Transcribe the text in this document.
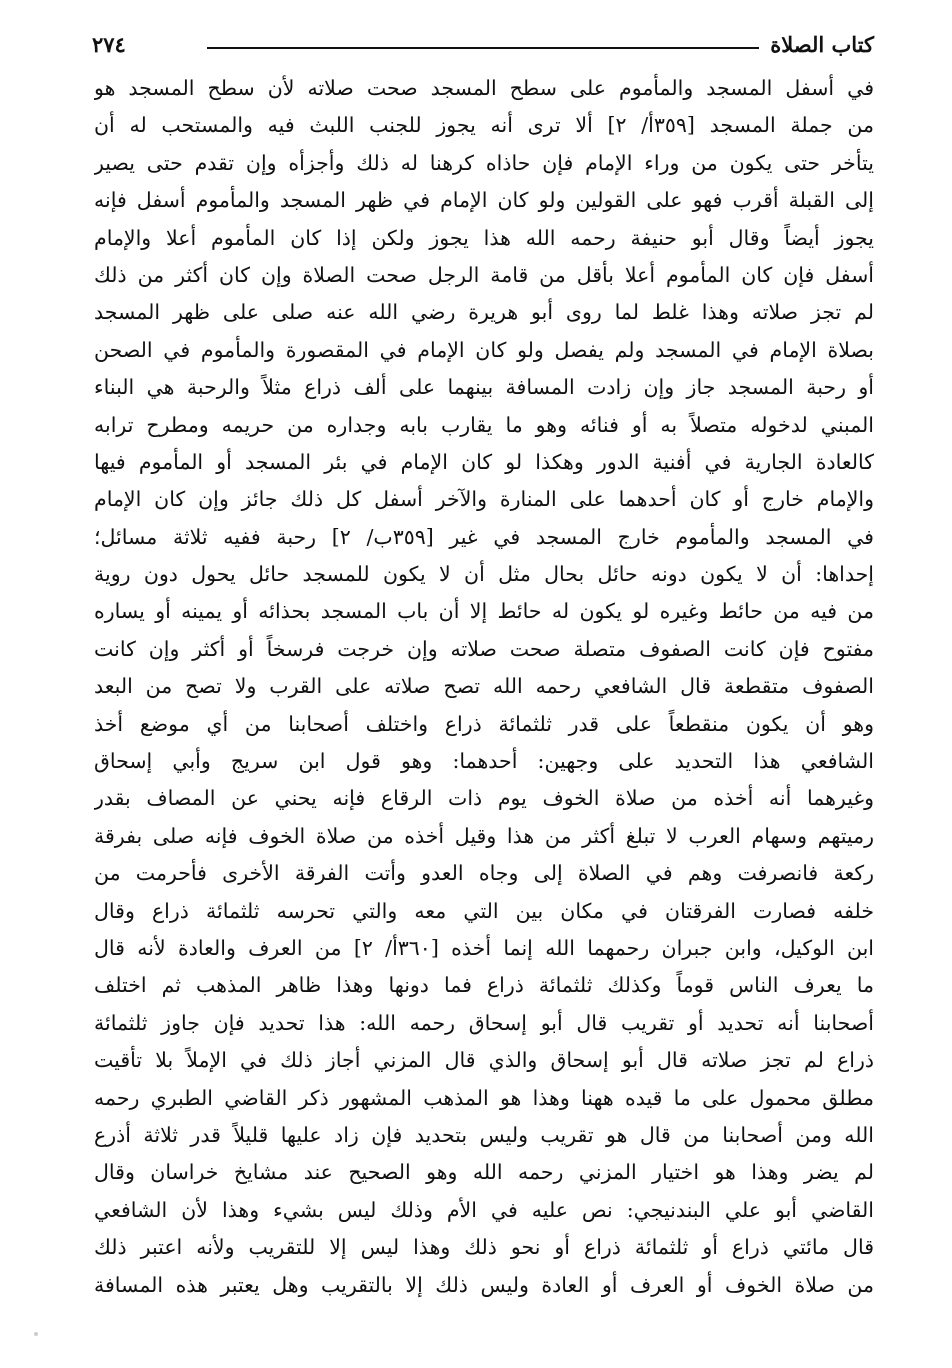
كتاب الصلاة
٢٧٤
في أسفل المسجد والمأموم على سطح المسجد صحت صلاته لأن سطح المسجد هو
من جملة المسجد [٣٥٩أ/ ٢] ألا ترى أنه يجوز للجنب اللبث فيه والمستحب له أن
يتأخر حتى يكون من وراء الإمام فإن حاذاه كرهنا له ذلك وأجزأه وإن تقدم حتى يصير
إلى القبلة أقرب فهو على القولين ولو كان الإمام في ظهر المسجد والمأموم أسفل فإنه
يجوز أيضاً وقال أبو حنيفة رحمه الله هذا يجوز ولكن إذا كان المأموم أعلا والإمام
أسفل فإن كان المأموم أعلا بأقل من قامة الرجل صحت الصلاة وإن كان أكثر من ذلك
لم تجز صلاته وهذا غلط لما روى أبو هريرة رضي الله عنه صلى على ظهر المسجد
بصلاة الإمام في المسجد ولم يفصل ولو كان الإمام في المقصورة والمأموم في الصحن
أو رحبة المسجد جاز وإن زادت المسافة بينهما على ألف ذراع مثلاً والرحبة هي البناء
المبني لدخوله متصلاً به أو فنائه وهو ما يقارب بابه وجداره من حريمه ومطرح ترابه
كالعادة الجارية في أفنية الدور وهكذا لو كان الإمام في بئر المسجد أو المأموم فيها
والإمام خارج أو كان أحدهما على المنارة والآخر أسفل كل ذلك جائز وإن كان الإمام
في المسجد والمأموم خارج المسجد في غير [٣٥٩ب/ ٢] رحبة ففيه ثلاثة مسائل؛
إحداها: أن لا يكون دونه حائل بحال مثل أن لا يكون للمسجد حائل يحول دون روية
من فيه من حائط وغيره لو يكون له حائط إلا أن باب المسجد بحذائه أو يمينه أو يساره
مفتوح فإن كانت الصفوف متصلة صحت صلاته وإن خرجت فرسخاً أو أكثر وإن كانت
الصفوف متقطعة قال الشافعي رحمه الله تصح صلاته على القرب ولا تصح من البعد
وهو أن يكون منقطعاً على قدر ثلثمائة ذراع واختلف أصحابنا من أي موضع أخذ
الشافعي هذا التحديد على وجهين: أحدهما: وهو قول ابن سريج وأبي إسحاق
وغيرهما أنه أخذه من صلاة الخوف يوم ذات الرقاع فإنه يحني عن المصاف بقدر
رميتهم وسهام العرب لا تبلغ أكثر من هذا وقيل أخذه من صلاة الخوف فإنه صلى بفرقة
ركعة فانصرفت وهم في الصلاة إلى وجاه العدو وأتت الفرقة الأخرى فأحرمت من
خلفه فصارت الفرقتان في مكان بين التي معه والتي تحرسه ثلثمائة ذراع وقال
ابن الوكيل، وابن جبران رحمهما الله إنما أخذه [٣٦٠أ/ ٢] من العرف والعادة لأنه قال
ما يعرف الناس قوماً وكذلك ثلثمائة ذراع فما دونها وهذا ظاهر المذهب ثم اختلف
أصحابنا أنه تحديد أو تقريب قال أبو إسحاق رحمه الله: هذا تحديد فإن جاوز ثلثمائة
ذراع لم تجز صلاته قال أبو إسحاق والذي قال المزني أجاز ذلك في الإملاً بلا تأقيت
مطلق محمول على ما قيده ههنا وهذا هو المذهب المشهور ذكر القاضي الطبري رحمه
الله ومن أصحابنا من قال هو تقريب وليس بتحديد فإن زاد عليها قليلاً قدر ثلاثة أذرع
لم يضر وهذا هو اختيار المزني رحمه الله وهو الصحيح عند مشايخ خراسان وقال
القاضي أبو علي البندنيجي: نص عليه في الأم وذلك ليس بشيء وهذا لأن الشافعي
قال مائتي ذراع أو ثلثمائة ذراع أو نحو ذلك وهذا ليس إلا للتقريب ولأنه اعتبر ذلك
من صلاة الخوف أو العرف أو العادة وليس ذلك إلا بالتقريب وهل يعتبر هذه المسافة
